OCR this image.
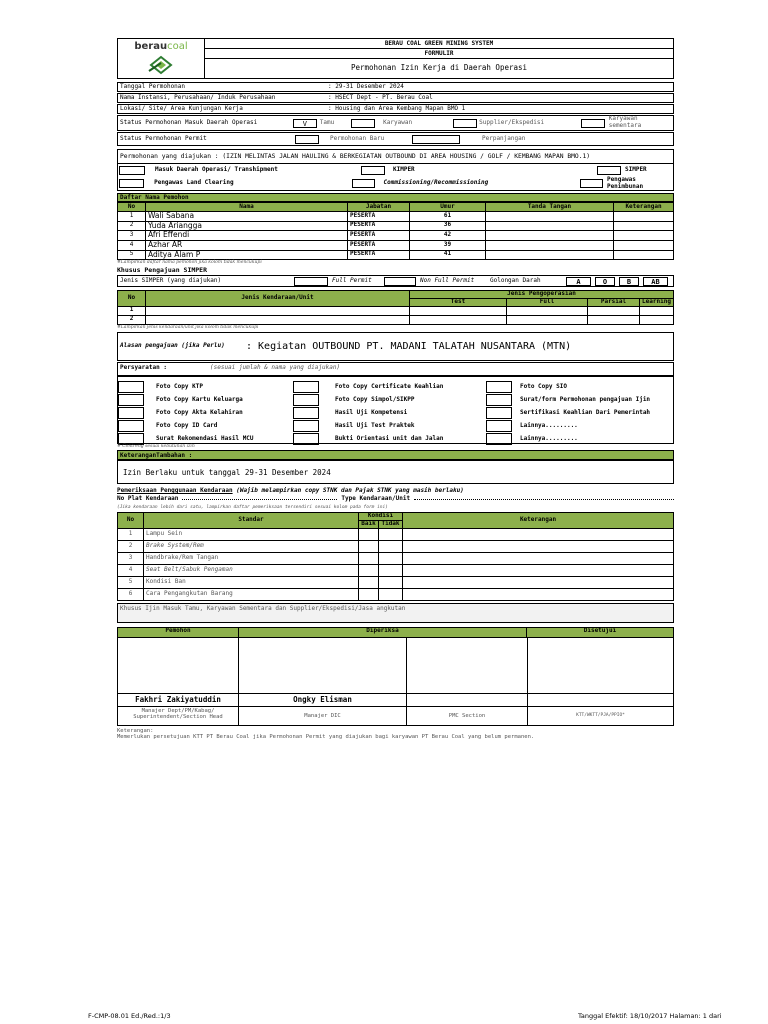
beraucoal	BERAU COAL GREEN MINING SYSTEM
FORMULIR
Permohonan Izin Kerja di Daerah Operasi
Tanggal Permohonan	: 29-31 Desember 2024
Nama Instansi, Perusahaan/ Induk Perusahaan	: HSECT Dept - PT. Berau Coal
Lokasi/ Site/ Area Kunjungan Kerja	: Housing dan Area Kembang Mapan BMO 1
Status Permohonan Masuk Daerah Operasi	V	Tamu	Karyawan	Supplier/Ekspedisi	Karyawan sementara
Status Permohonan Permit	Permohonan Baru	Perpanjangan
Permohonan yang diajukan : (IZIN MELINTAS JALAN HAULING & BERKEGIATAN OUTBOUND DI AREA HOUSING / GOLF / KEMBANG MAPAN BMO.1)
Masuk Daerah Operasi/ Transhipment	KIMPER	SIMPER
Pengawas Land Clearing	Commissioning/Recommissioning	Pengawas Penimbunan
Daftar Nama Pemohon
No	Nama	Jabatan	Umur	Tanda Tangan	Keterangan
1	Wali Sabana	PESERTA	61		
2	Yuda Ariangga	PESERTA	36		
3	Afri Effendi	PESERTA	42		
4	Azhar AR	PESERTA	39		
5	Aditya Alam P	PESERTA	41		
#Lampirkan daftar nama pemohon jika kolom tidak mencukupi
Khusus Pengajuan SIMPER
Jenis SIMPER (yang diajukan)	Full Permit	Non Full Permit	Golongan Darah	A	O	B	AB
No	Jenis Kendaraan/Unit	Jenis Pengoperasian			
		Test	Full	Parsial	Learning
1					
2					
#Lampirkan jenis kendaraan/unit jika kolom tidak mencukupi
Alasan pengajuan (jika Perlu)	: Kegiatan OUTBOUND PT. MADANI TALATAH NUSANTARA (MTN)
Persyaratan :	(sesuai jumlah & nama yang diajukan)
Foto Copy KTP
Foto Copy Kartu Keluarga
Foto Copy Akta Kelahiran
Foto Copy ID Card
Surat Rekomendasi Hasil MCU
Foto Copy Certificate Keahlian
Foto Copy Simpol/SIKPP
Hasil Uji Kompetensi
Hasil Uji Test Praktek
Bukti Orientasi unit dan Jalan
Foto Copy SIO
Surat/form Permohonan pengajuan Ijin
Sertifikasi Keahlian Dari Pemerintah
Lainnya.........
Lainnya.........
# Contreng sesuai kebutuhan izin
KeteranganTambahan :
Izin Berlaku untuk tanggal 29-31 Desember 2024
Pemeriksaan Penggunaan Kendaraan (Wajib melampirkan copy STNK dan Pajak STNK yang masih berlaku)
No Plat Kendaraan	Type Kendaraan/Unit
(Jika kendaraan lebih dari satu, lampirkan daftar pemeriksaan tersendiri sesuai kolom pada form ini)
No	Standar	Kondisi		Keterangan
		Baik	Tidak	
1	Lampu Sein			
2	Brake System/Rem			
3	Handbrake/Rem Tangan			
4	Seat Belt/Sabuk Pengaman			
5	Kondisi Ban			
6	Cara Pengangkutan Barang			
Khusus Ijin Masuk Tamu, Karyawan Sementara dan Supplier/Ekspedisi/Jasa angkutan
Pemohon	Diperiksa	Disetujui
Fakhri Zakiyatuddin	Ongky Elisman
Manajer Dept/PM/Kabag/ Superintendent/Section Head	Manajer DIC	PMC Section	KTT/WKTT/PJA/PPIO*
Keterangan:
Memerlukan persetujuan KTT PT Berau Coal jika Permohonan Permit yang diajukan bagi karyawan PT Berau Coal yang belum permanen.
F-CMP-08.01 Ed./Red.:1/3	Tanggal Efektif: 18/10/2017 Halaman: 1 dari
